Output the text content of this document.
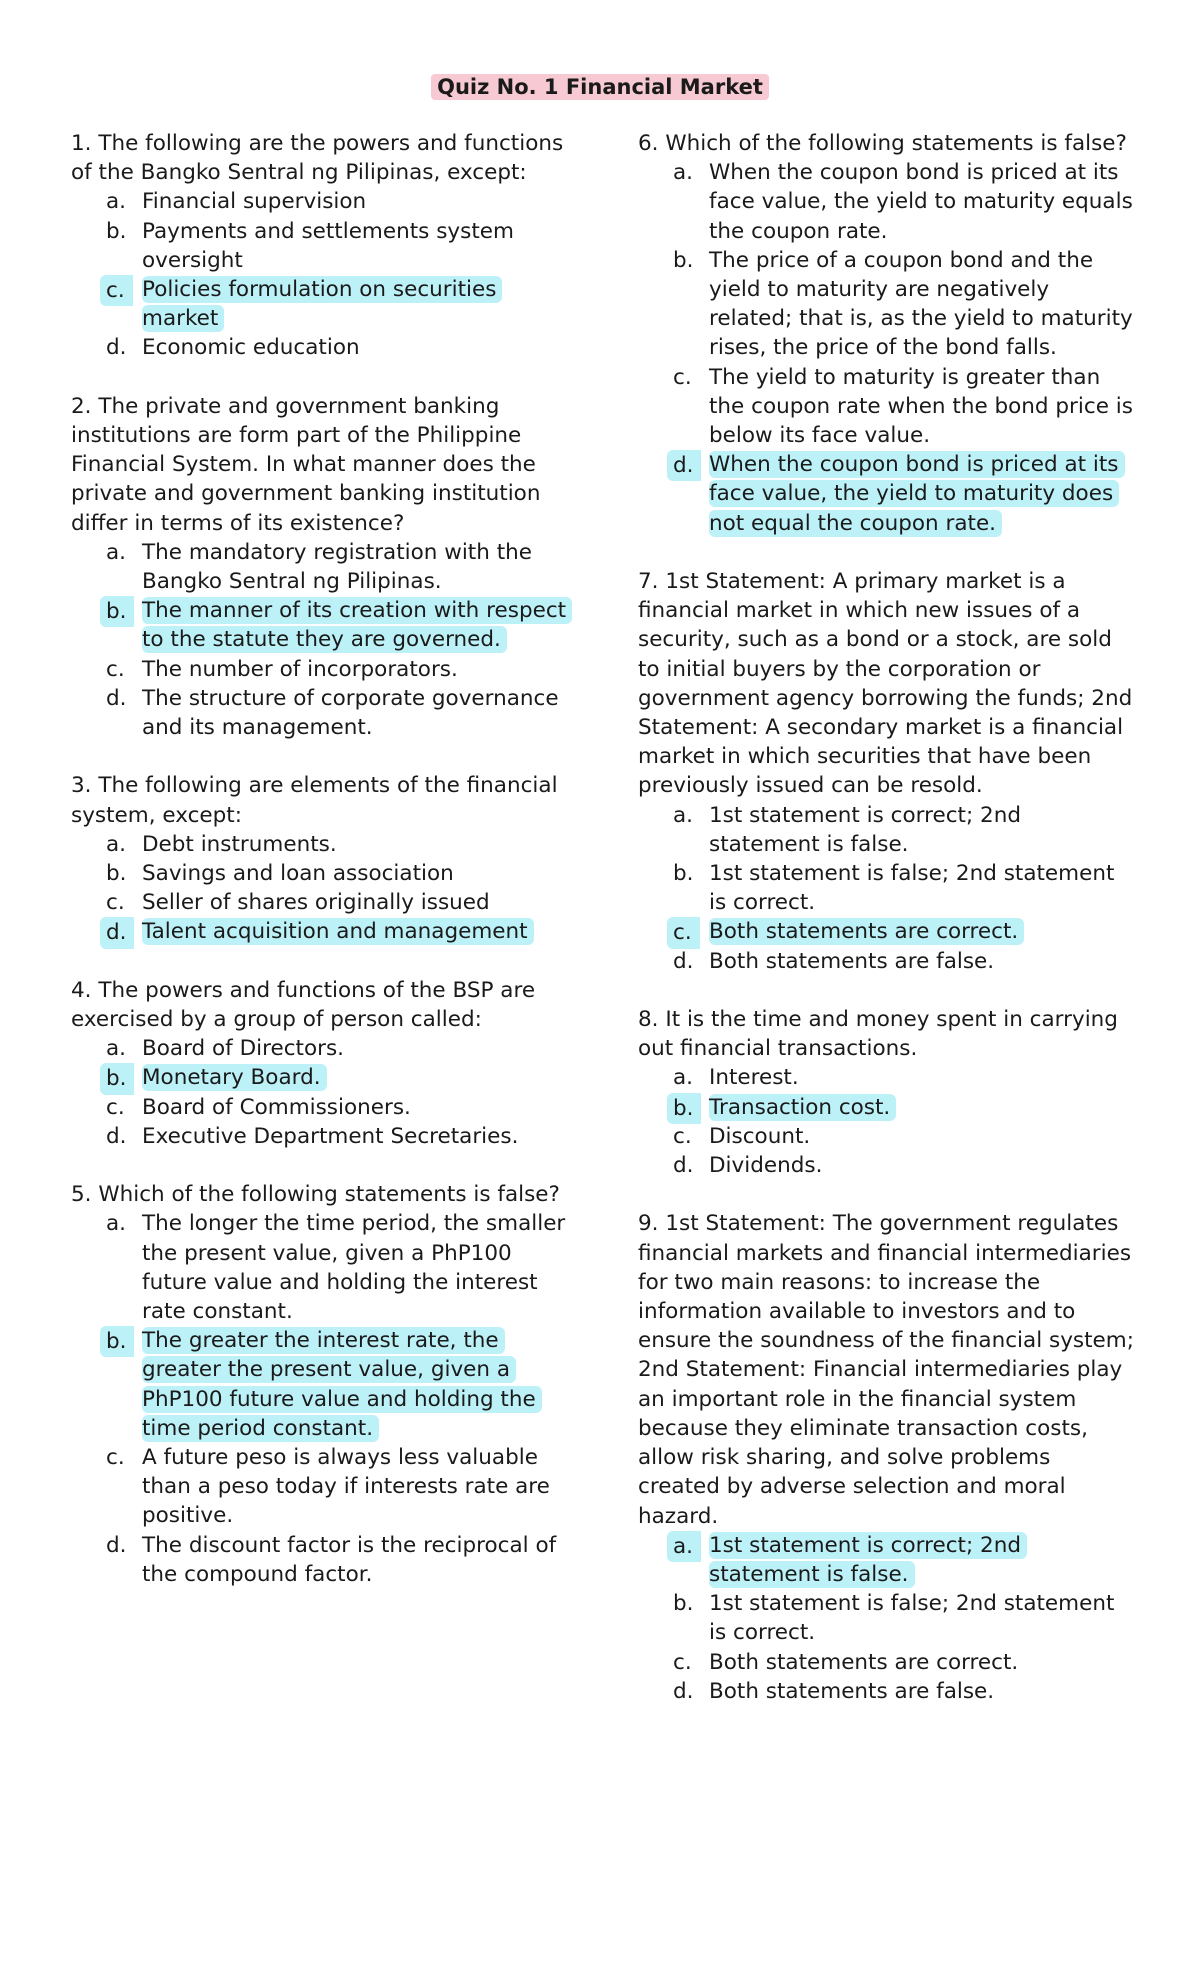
Quiz No. 1 Financial Market

1. The following are the powers and functions of the Bangko Sentral ng Pilipinas, except:

a. Financial supervision
b. Payments and settlements system oversight
c. Policies formulation on securities market
d. Economic education

2. The private and government banking institutions are form part of the Philippine Financial System. In what manner does the private and government banking institution differ in terms of its existence?

a. The mandatory registration with the Bangko Sentral ng Pilipinas.
b. The manner of its creation with respect to the statute they are governed.
c. The number of incorporators.
d. The structure of corporate governance and its management.

3. The following are elements of the financial system, except:

a. Debt instruments.
b. Savings and loan association
c. Seller of shares originally issued
d. Talent acquisition and management

4. The powers and functions of the BSP are exercised by a group of person called:

a. Board of Directors.
b. Monetary Board.
c. Board of Commissioners.
d. Executive Department Secretaries.

5. Which of the following statements is false?

a. The longer the time period, the smaller the present value, given a PhP100 future value and holding the interest rate constant.
b. The greater the interest rate, the greater the present value, given a PhP100 future value and holding the time period constant.
c. A future peso is always less valuable than a peso today if interests rate are positive.
d. The discount factor is the reciprocal of the compound factor.

6. Which of the following statements is false?

a. When the coupon bond is priced at its face value, the yield to maturity equals the coupon rate.
b. The price of a coupon bond and the yield to maturity are negatively related; that is, as the yield to maturity rises, the price of the bond falls.
c. The yield to maturity is greater than the coupon rate when the bond price is below its face value.
d. When the coupon bond is priced at its face value, the yield to maturity does not equal the coupon rate.

7. 1st Statement: A primary market is a financial market in which new issues of a security, such as a bond or a stock, are sold to initial buyers by the corporation or government agency borrowing the funds; 2nd Statement: A secondary market is a financial market in which securities that have been previously issued can be resold.

a. 1st statement is correct; 2nd statement is false.
b. 1st statement is false; 2nd statement is correct.
c. Both statements are correct.
d. Both statements are false.

8. It is the time and money spent in carrying out financial transactions.

a. Interest.
b. Transaction cost.
c. Discount.
d. Dividends.

9. 1st Statement: The government regulates financial markets and financial intermediaries for two main reasons: to increase the information available to investors and to ensure the soundness of the financial system; 2nd Statement: Financial intermediaries play an important role in the financial system because they eliminate transaction costs, allow risk sharing, and solve problems created by adverse selection and moral hazard.

a. 1st statement is correct; 2nd statement is false.
b. 1st statement is false; 2nd statement is correct.
c. Both statements are correct.
d. Both statements are false.
